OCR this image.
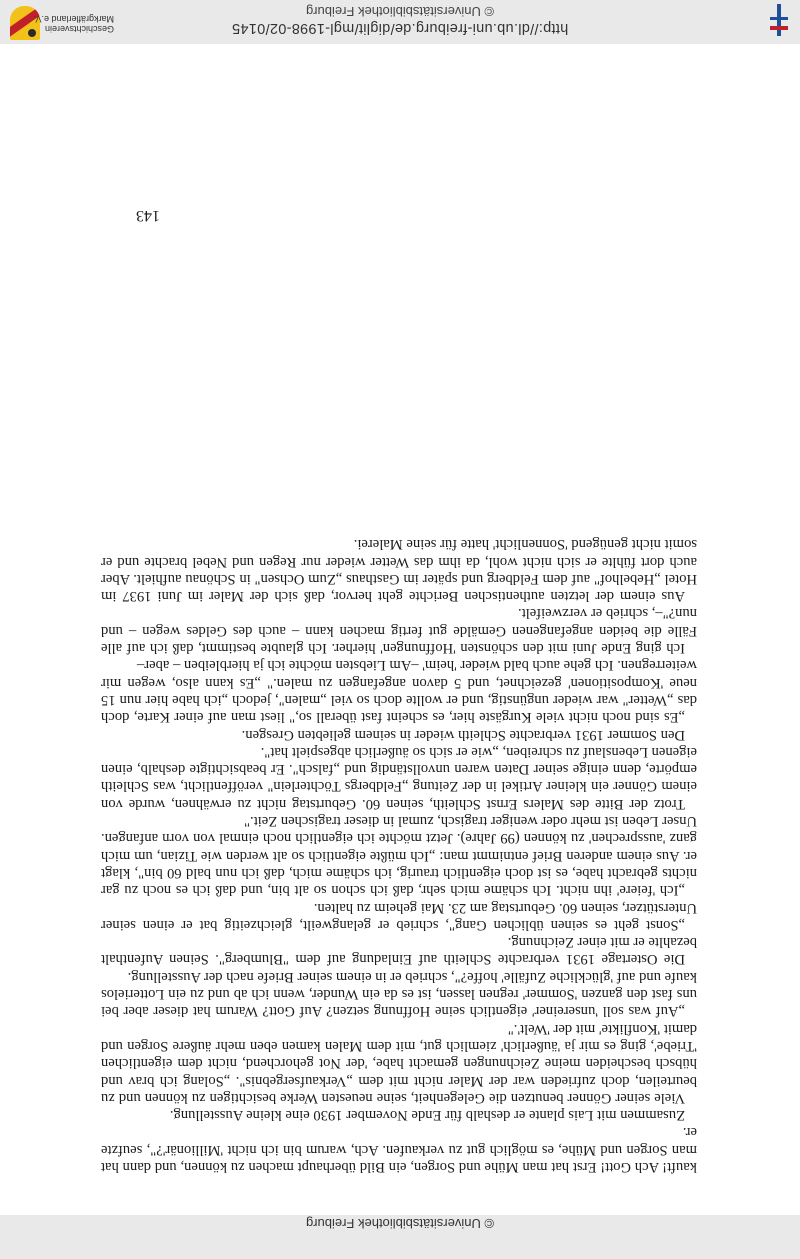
© Universitätsbibliothek Freiburg

kauft! Ach Gott! Erst hat man Mühe und Sorgen, ein Bild überhaupt machen zu können, und dann hat man Sorgen und Mühe, es möglich gut zu verkaufen. Ach, warum bin ich nicht 'Millionär'?", seufzte er.

Zusammen mit Lais plante er deshalb für Ende November 1930 eine kleine Ausstellung.

Viele seiner Gönner benutzen die Gelegenheit, seine neuesten Werke besichtigen zu können und zu beurteilen, doch zufrieden war der Maler nicht mit dem „Verkaufsergebnis". „Solang ich brav und hübsch bescheiden meine Zeichnungen gemacht habe, 'der Not gehorchend, nicht dem eigentlichen 'Triebe', ging es mir ja 'äußerlich' ziemlich gut, mit dem Malen kamen eben mehr äußere Sorgen und damit 'Konflikte' mit der 'Welt'."

„Auf was soll 'unsereiner' eigentlich seine Hoffnung setzen? Auf Gott? Warum hat dieser aber bei uns fast den ganzen 'Sommer' regnen lassen, ist es da ein Wunder, wenn ich ab und zu ein Lotterielos kaufe und auf 'glückliche Zufälle' hoffe?", schrieb er in einem seiner Briefe nach der Ausstellung.

Die Ostertage 1931 verbrachte Schleith auf Einladung auf dem "Blumberg". Seinen Aufenthalt bezahlte er mit einer Zeichnung.

„Sonst geht es seinen üblichen Gang", schrieb er gelangweilt, gleichzeitig bat er einen seiner Unterstützer, seinen 60. Geburtstag am 23. Mai geheim zu halten.

„Ich 'feiere' ihn nicht. Ich schäme mich sehr, daß ich schon so alt bin, und daß ich es noch zu gar nichts gebracht habe, es ist doch eigentlich traurig, ich schäme mich, daß ich nun bald 60 bin", klagt er. Aus einem anderen Brief entnimmt man: „Ich müßte eigentlich so alt werden wie Tizian, um mich ganz 'aussprechen' zu können (99 Jahre). Jetzt möchte ich eigentlich noch einmal von vorn anfangen. Unser Leben ist mehr oder weniger tragisch, zumal in dieser tragischen Zeit."

Trotz der Bitte des Malers Ernst Schleith, seinen 60. Geburtstag nicht zu erwähnen, wurde von einem Gönner ein kleiner Artikel in der Zeitung „Feldbergs Töchterlein" veröffentlicht, was Schleith empörte, denn einige seiner Daten waren unvollständig und „falsch". Er beabsichtigte deshalb, einen eigenen Lebenslauf zu schreiben, „wie er sich so äußerlich abgespielt hat".

Den Sommer 1931 verbrachte Schleith wieder in seinem geliebten Gresgen.

„Es sind noch nicht viele Kurgäste hier, es scheint fast überall so," liest man auf einer Karte, doch das „Wetter" war wieder ungünstig, und er wollte doch so viel „malen", jedoch „ich habe hier nun 15 neue 'Kompositionen' gezeichnet, und 5 davon angefangen zu malen." „Es kann also, wegen mir weiterregnen. Ich gehe auch bald wieder 'heim' –Am Liebsten möchte ich ja hierbleiben – aber–

Ich ging Ende Juni mit den schönsten 'Hoffnungen' hierher. Ich glaubte bestimmt, daß ich auf alle Fälle die beiden angefangenen Gemälde gut fertig machen kann – auch des Geldes wegen – und nun?"–, schrieb er verzweifelt.

Aus einem der letzten authentischen Berichte geht hervor, daß sich der Maler im Juni 1937 im Hotel „Hebelhof" auf dem Feldberg und später im Gasthaus „Zum Ochsen" in Schönau aufhielt. Aber auch dort fühlte er sich nicht wohl, da ihm das Wetter wieder nur Regen und Nebel brachte und er somit nicht genügend 'Sonnenlicht' hatte für seine Malerei.

143
http://dl.ub.uni-freiburg.de/diglit/mgl-1998-02/0145
© Universitätsbibliothek Freiburg
Geschichtsverein
Markgräflerland e.V.
